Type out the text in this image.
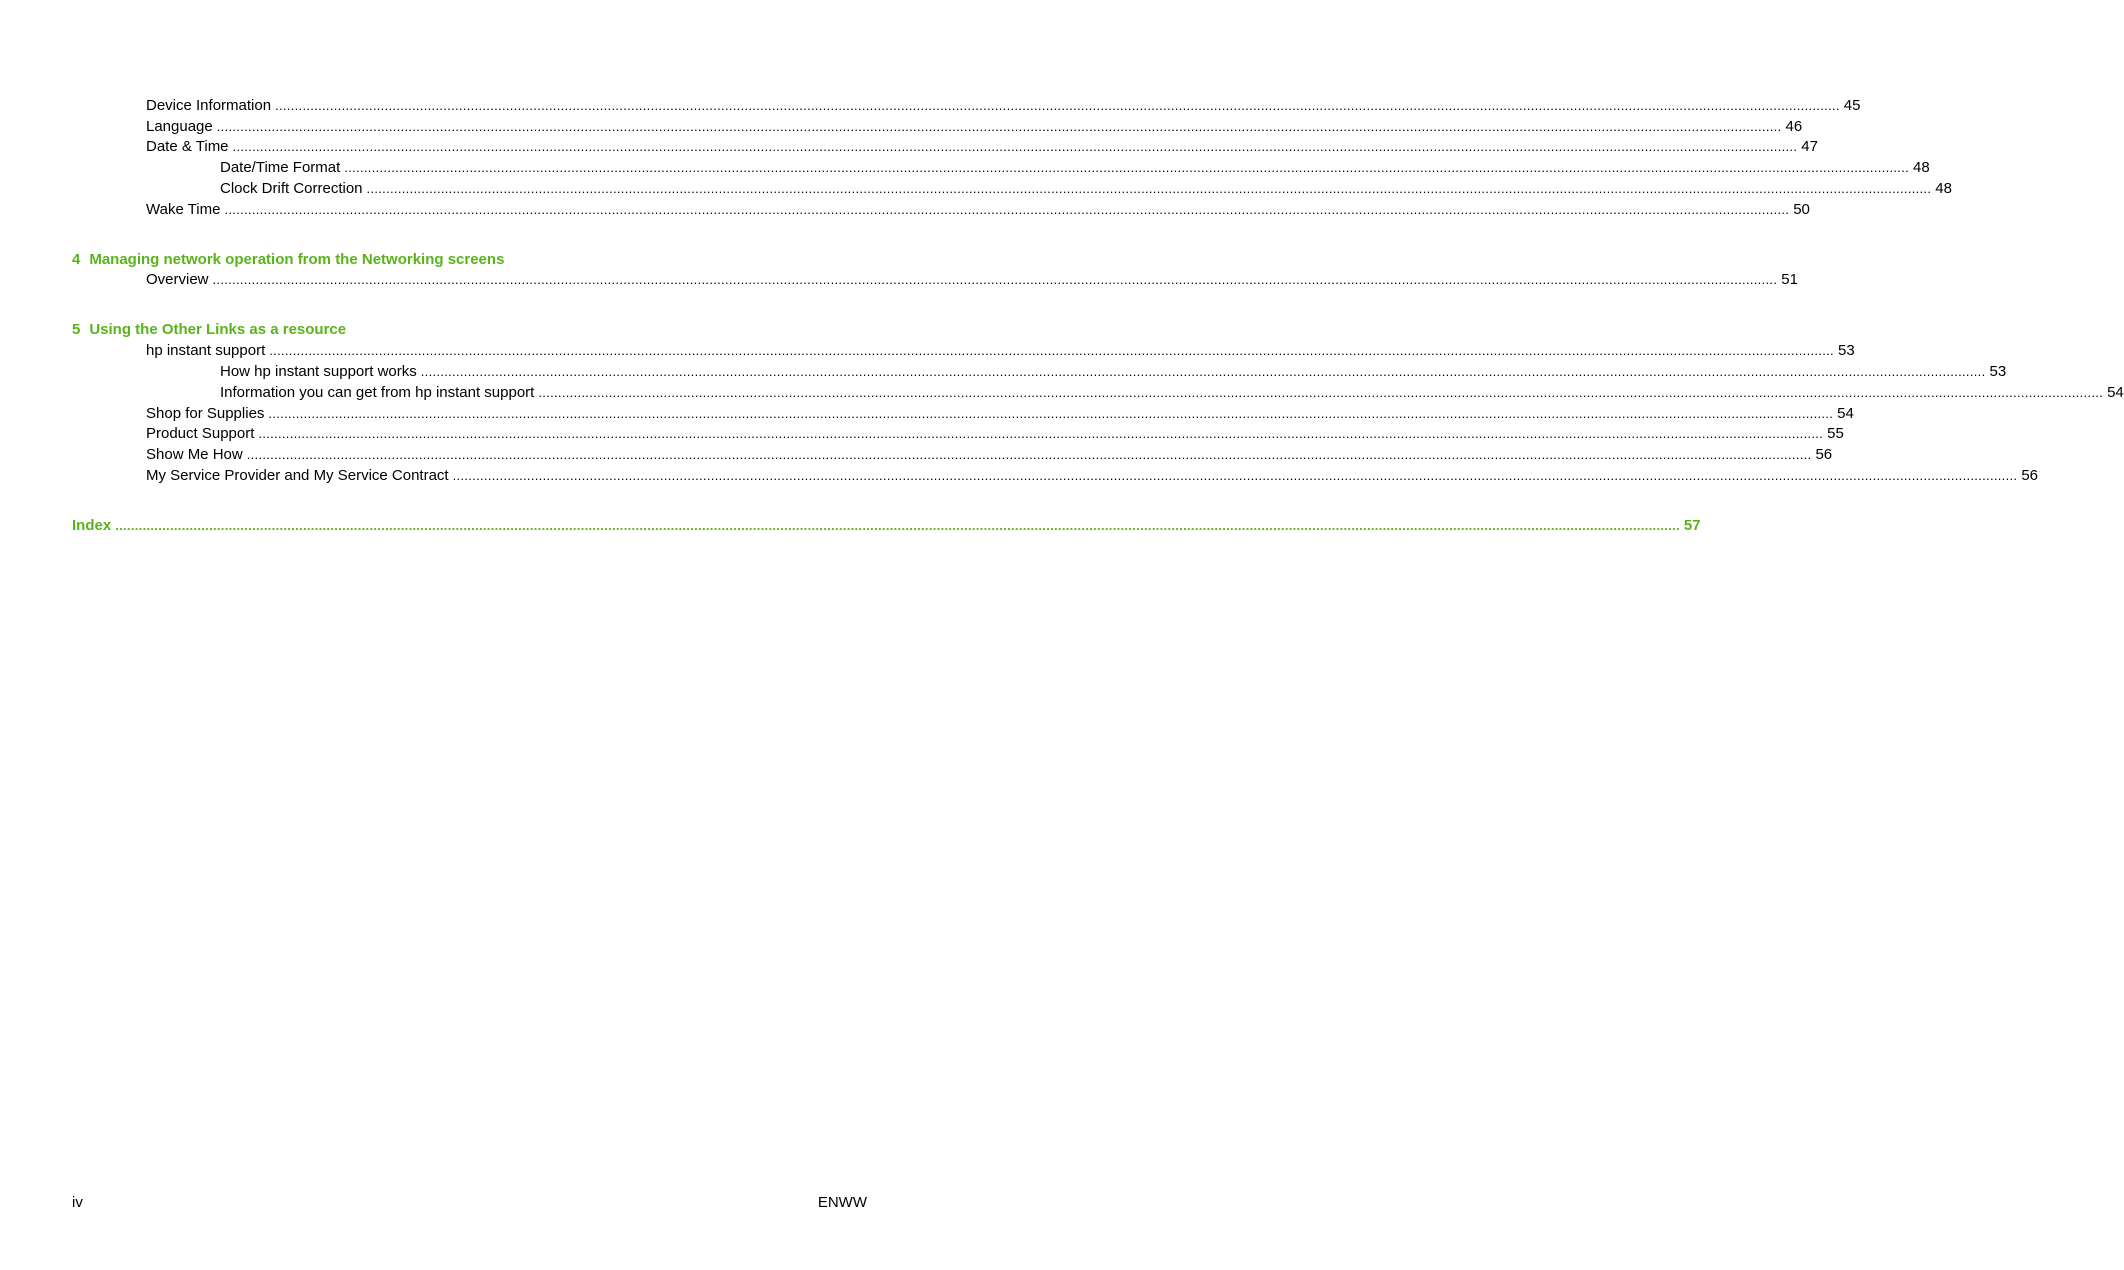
Device Information ................................................................................................................................................................................................................................................................................................................................................................................................................ 45
Language ................................................................................................................................................................................................................................................................................................................................................................................................................ 46
Date & Time ................................................................................................................................................................................................................................................................................................................................................................................................................ 47
Date/Time Format ................................................................................................................................................................................................................................................................................................................................................................................................................ 48
Clock Drift Correction ................................................................................................................................................................................................................................................................................................................................................................................................................ 48
Wake Time ................................................................................................................................................................................................................................................................................................................................................................................................................ 50
4 Managing network operation from the Networking screens
Overview ................................................................................................................................................................................................................................................................................................................................................................................................................ 51
5 Using the Other Links as a resource
hp instant support ................................................................................................................................................................................................................................................................................................................................................................................................................ 53
How hp instant support works ................................................................................................................................................................................................................................................................................................................................................................................................................ 53
Information you can get from hp instant support ................................................................................................................................................................................................................................................................................................................................................................................................................ 54
Shop for Supplies ................................................................................................................................................................................................................................................................................................................................................................................................................ 54
Product Support ................................................................................................................................................................................................................................................................................................................................................................................................................ 55
Show Me How ................................................................................................................................................................................................................................................................................................................................................................................................................ 56
My Service Provider and My Service Contract ................................................................................................................................................................................................................................................................................................................................................................................................................ 56
Index ................................................................................................................................................................................................................................................................................................................................................................................................................ 57
iv	ENWW
